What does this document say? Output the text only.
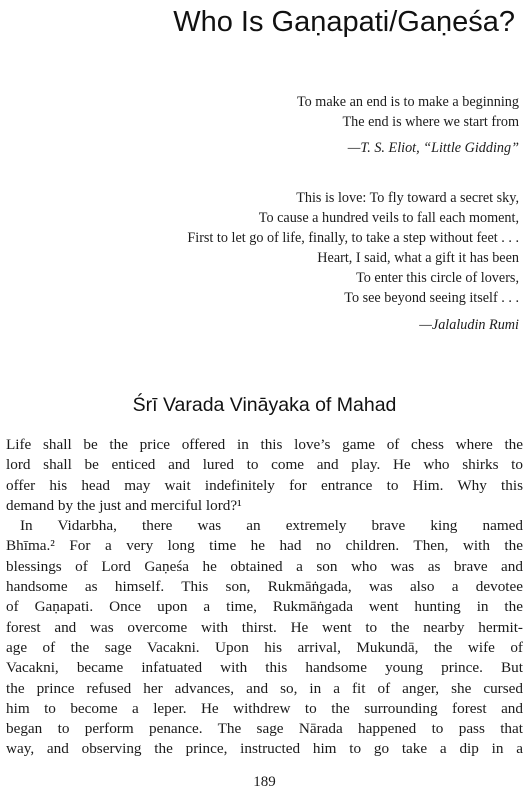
Who Is Gaṇapati/Gaṇeśa?
To make an end is to make a beginning
The end is where we start from
—T. S. Eliot, “Little Gidding”
This is love: To fly toward a secret sky,
To cause a hundred veils to fall each moment,
First to let go of life, finally, to take a step without feet . . .
Heart, I said, what a gift it has been
To enter this circle of lovers,
To see beyond seeing itself . . .
—Jalaludin Rumi
Śrī Varada Vināyaka of Mahad
Life shall be the price offered in this love’s game of chess where the
lord shall be enticed and lured to come and play. He who shirks to
offer his head may wait indefinitely for entrance to Him. Why this
demand by the just and merciful lord?¹
In Vidarbha, there was an extremely brave king named
Bhīma.² For a very long time he had no children. Then, with the
blessings of Lord Gaṇeśa he obtained a son who was as brave and
handsome as himself. This son, Rukmāṅgada, was also a devotee
of Gaṇapati. Once upon a time, Rukmāṅgada went hunting in the
forest and was overcome with thirst. He went to the nearby hermit-
age of the sage Vacakni. Upon his arrival, Mukundā, the wife of
Vacakni, became infatuated with this handsome young prince. But
the prince refused her advances, and so, in a fit of anger, she cursed
him to become a leper. He withdrew to the surrounding forest and
began to perform penance. The sage Nārada happened to pass that
way, and observing the prince, instructed him to go take a dip in a
189
